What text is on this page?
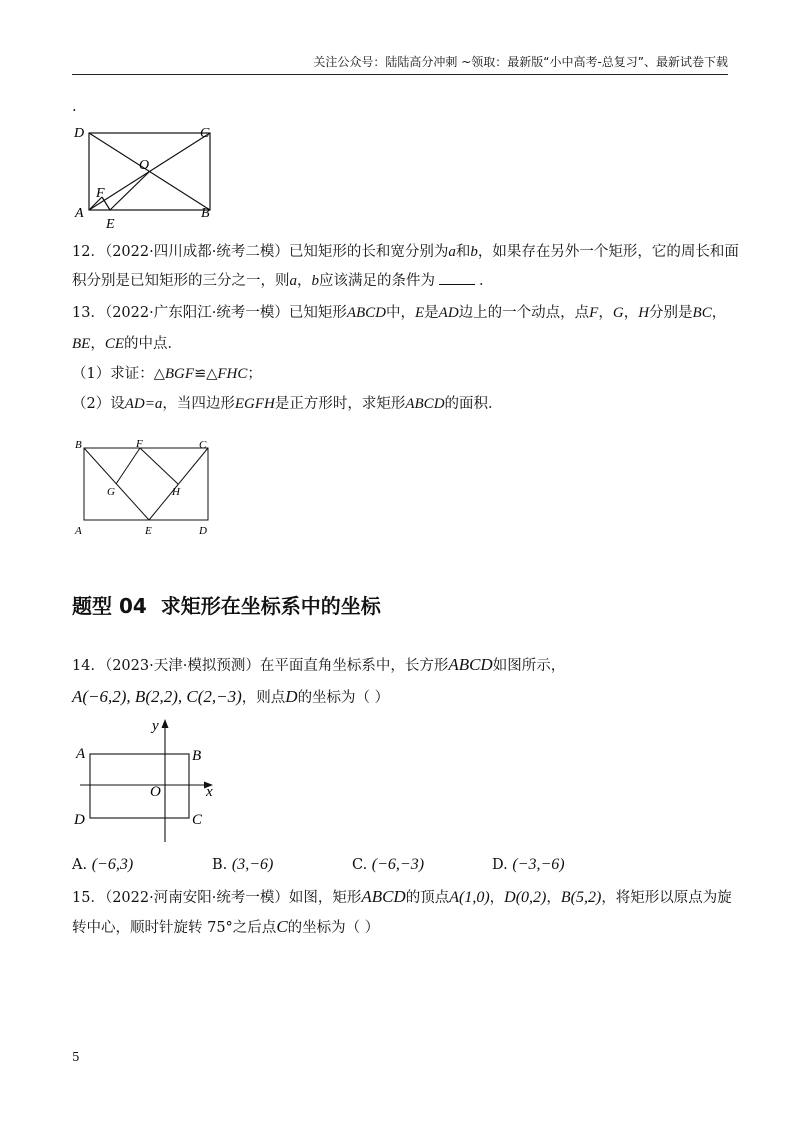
关注公众号：陆陆高分冲刺 ~领取：最新版“小中高考-总复习”、最新试卷下载
.
D	C
O
F
A
E
B
12．（2022·四川成都·统考二模）已知矩形的长和宽分别为a和b，如果存在另外一个矩形，它的周长和面
积分别是已知矩形的三分之一，则a，b应该满足的条件为	．
13．（2022·广东阳江·统考一模）已知矩形ABCD中，E是AD边上的一个动点，点F，G，H分别是BC，
BE，CE的中点．
（1）求证：△BGF≌△FHC；
（2）设AD=a，当四边形EGFH是正方形时，求矩形ABCD的面积．
B	F	C
G	H
A	E	D
题型 04 求矩形在坐标系中的坐标
14．（2023·天津·模拟预测）在平面直角坐标系中，长方形ABCD如图所示，
A(−6,2), B(2,2), C(2,−3)，则点D的坐标为（ ）
y
A	B
O	x
D	C
A. (−6,3)	B. (3,−6)	C. (−6,−3)	D. (−3,−6)
15．（2022·河南安阳·统考一模）如图，矩形ABCD的顶点A(1,0)，D(0,2)，B(5,2)，将矩形以原点为旋
转中心，顺时针旋转 75°之后点C的坐标为（ ）
5
